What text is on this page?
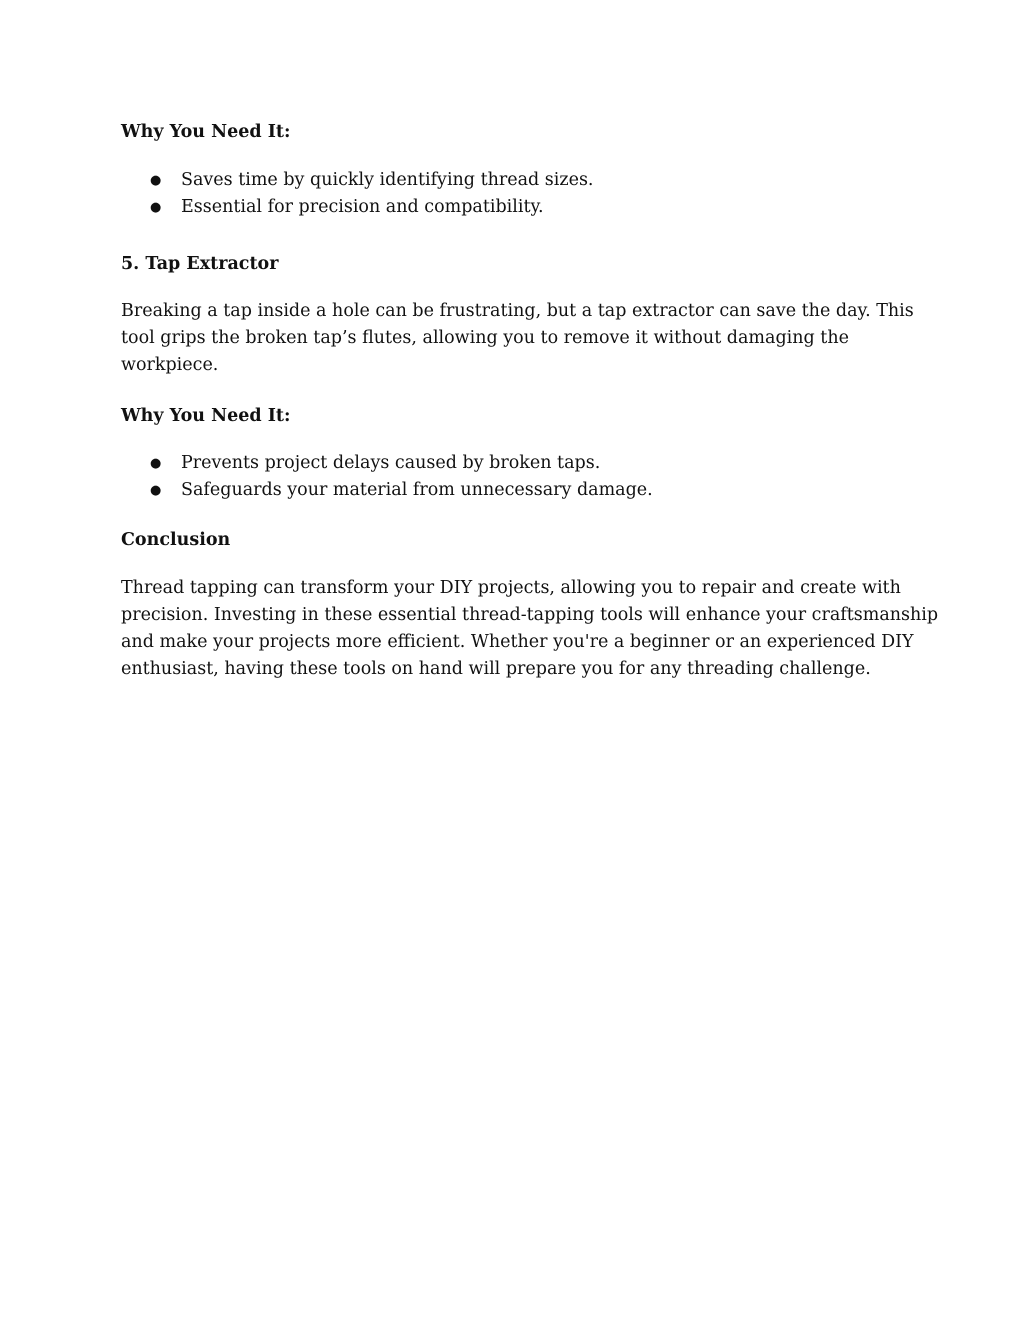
Why You Need It:
● Saves time by quickly identifying thread sizes.
● Essential for precision and compatibility.
5. Tap Extractor
Breaking a tap inside a hole can be frustrating, but a tap extractor can save the day. This
tool grips the broken tap’s flutes, allowing you to remove it without damaging the
workpiece.
Why You Need It:
● Prevents project delays caused by broken taps.
● Safeguards your material from unnecessary damage.
Conclusion
Thread tapping can transform your DIY projects, allowing you to repair and create with
precision. Investing in these essential thread-tapping tools will enhance your craftsmanship
and make your projects more efficient. Whether you're a beginner or an experienced DIY
enthusiast, having these tools on hand will prepare you for any threading challenge.
